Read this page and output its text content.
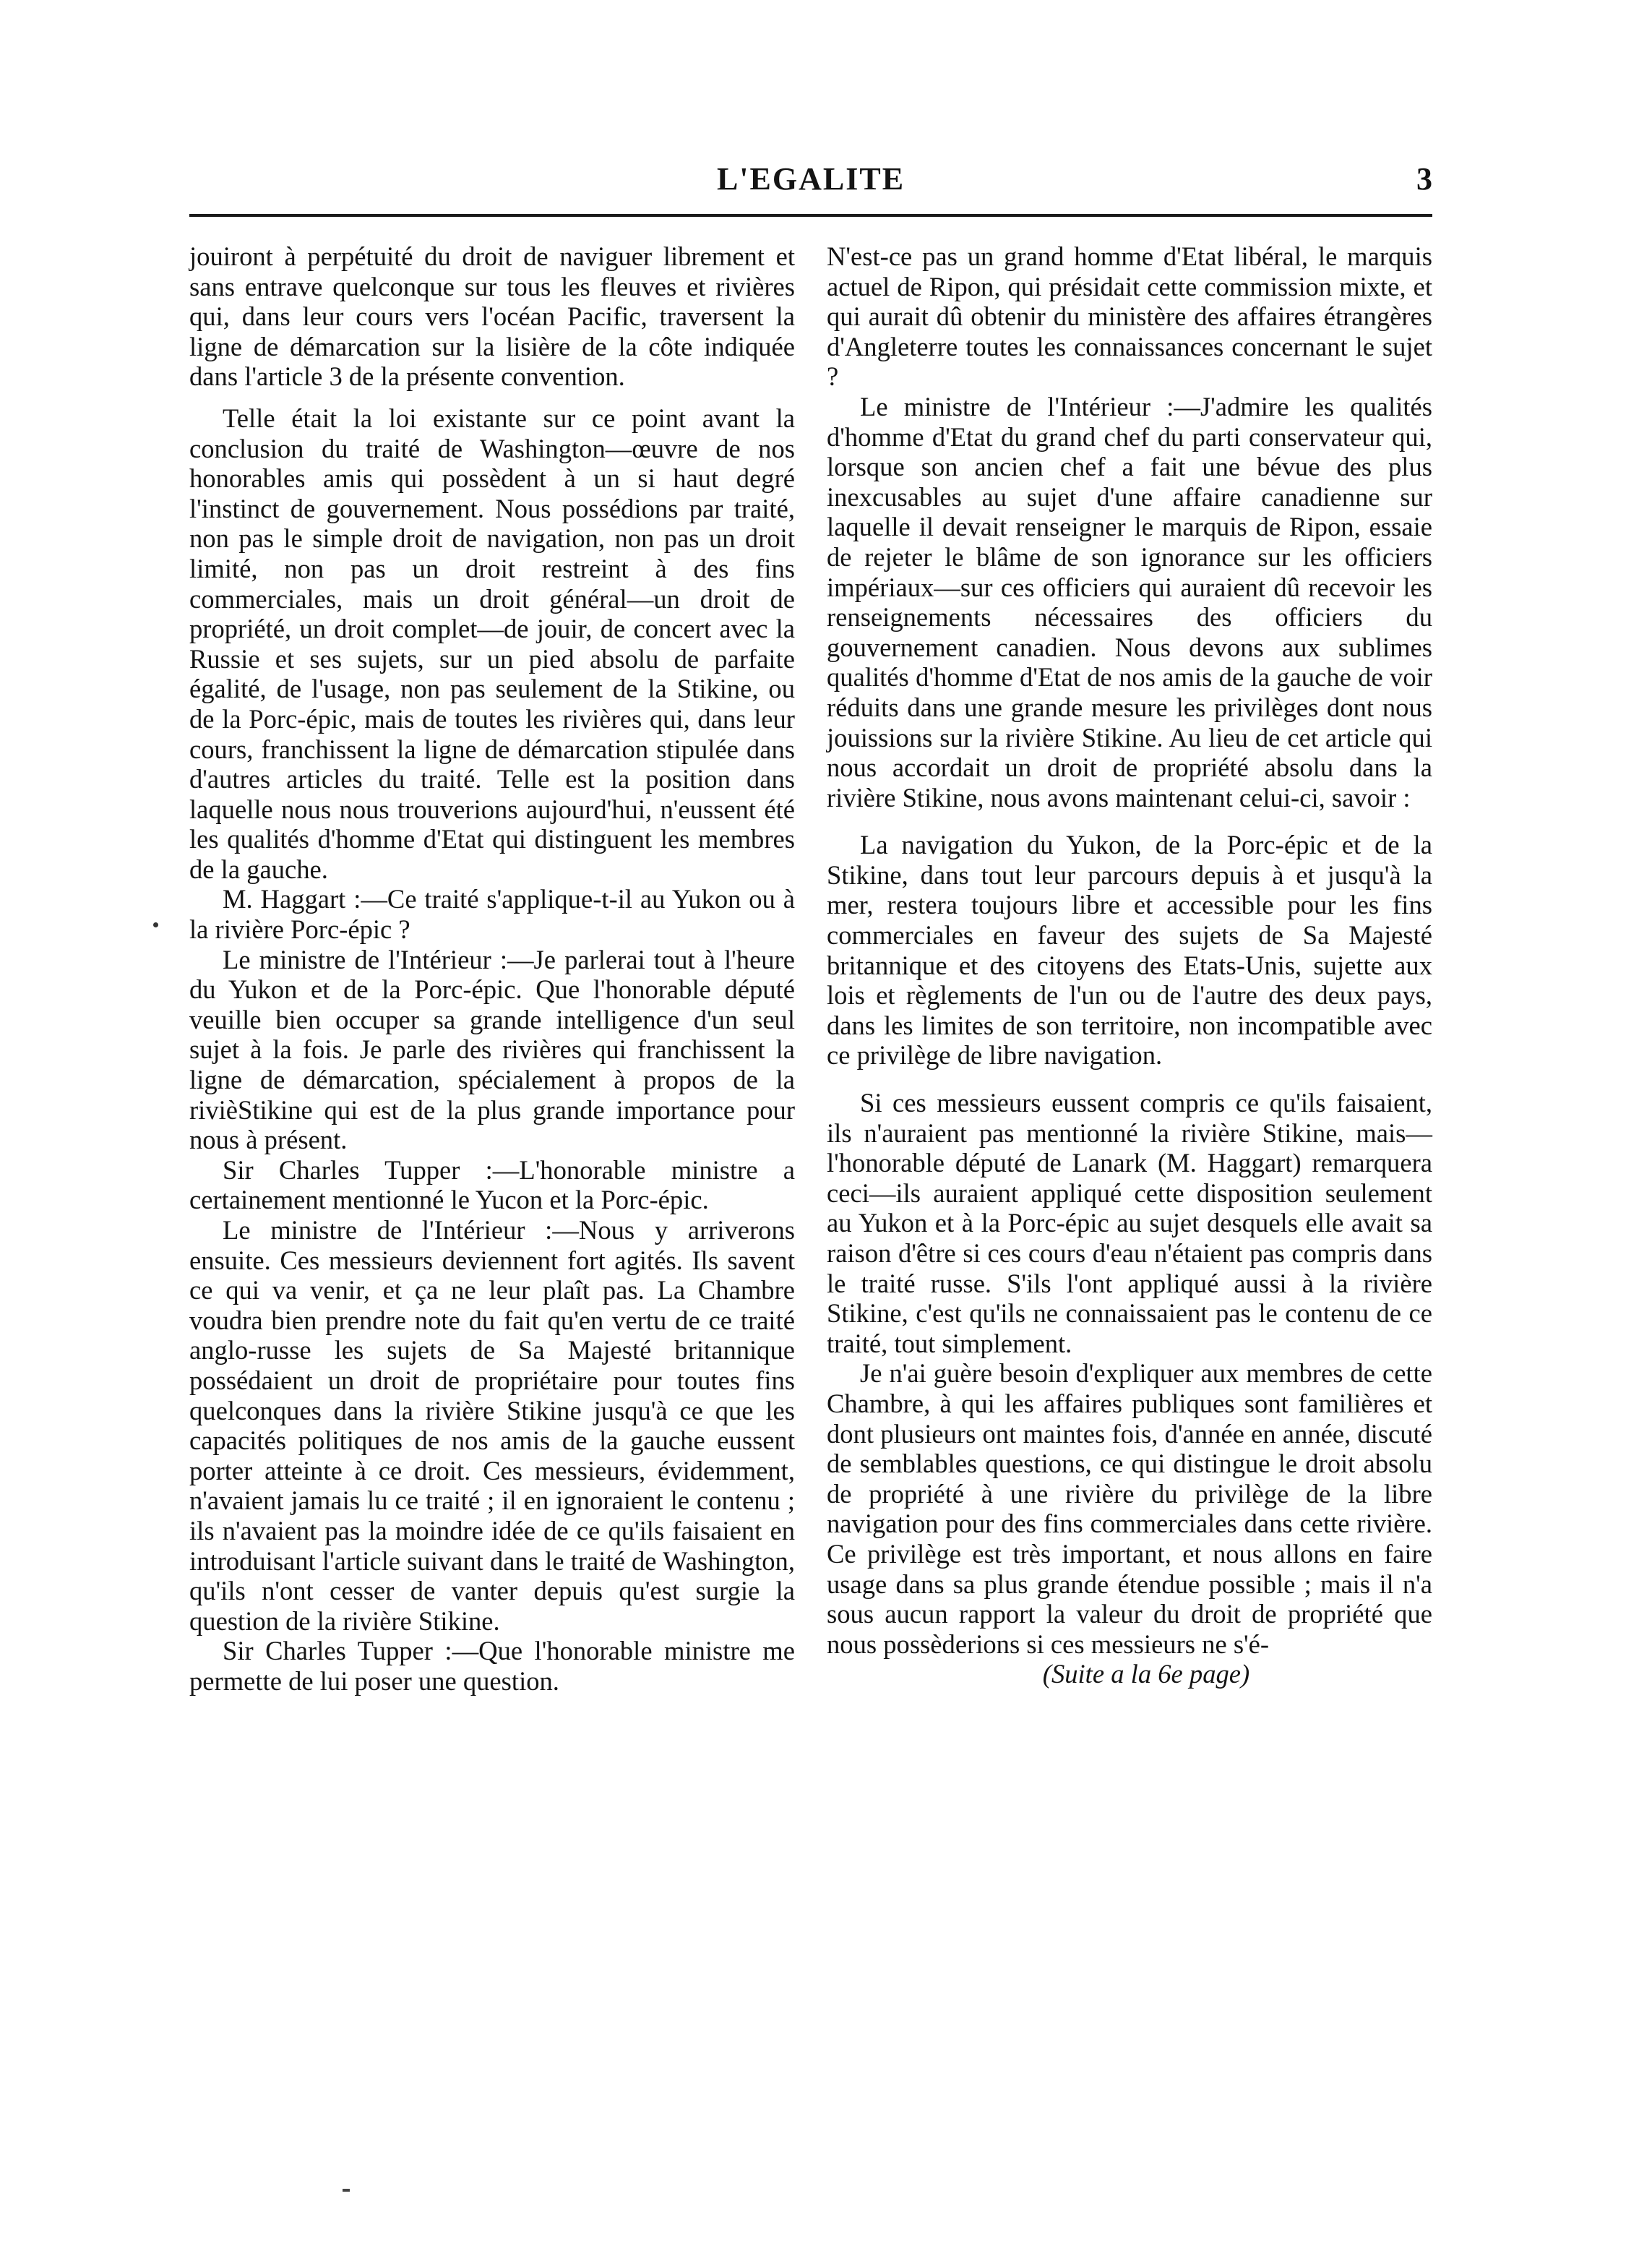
L'EGALITE	3

jouiront à perpétuité du droit de naviguer librement et sans entrave quelconque sur tous les fleuves et rivières qui, dans leur cours vers l'océan Pacific, traversent la ligne de démarcation sur la lisière de la côte indiquée dans l'article 3 de la présente convention.

Telle était la loi existante sur ce point avant la conclusion du traité de Washington—œuvre de nos honorables amis qui possèdent à un si haut degré l'instinct de gouvernement. Nous possédions par traité, non pas le simple droit de navigation, non pas un droit limité, non pas un droit restreint à des fins commerciales, mais un droit général—un droit de propriété, un droit complet—de jouir, de concert avec la Russie et ses sujets, sur un pied absolu de parfaite égalité, de l'usage, non pas seulement de la Stikine, ou de la Porc-épic, mais de toutes les rivières qui, dans leur cours, franchissent la ligne de démarcation stipulée dans d'autres articles du traité. Telle est la position dans laquelle nous nous trouverions aujourd'hui, n'eussent été les qualités d'homme d'Etat qui distinguent les membres de la gauche.

M. Haggart :—Ce traité s'applique-t-il au Yukon ou à la rivière Porc-épic ?

Le ministre de l'Intérieur :—Je parlerai tout à l'heure du Yukon et de la Porc-épic. Que l'honorable député veuille bien occuper sa grande intelligence d'un seul sujet à la fois. Je parle des rivières qui franchissent la ligne de démarcation, spécialement à propos de la rivièStikine qui est de la plus grande importance pour nous à présent.

Sir Charles Tupper :—L'honorable ministre a certainement mentionné le Yucon et la Porc-épic.

Le ministre de l'Intérieur :—Nous y arriverons ensuite. Ces messieurs deviennent fort agités. Ils savent ce qui va venir, et ça ne leur plaît pas. La Chambre voudra bien prendre note du fait qu'en vertu de ce traité anglo-russe les sujets de Sa Majesté britannique possédaient un droit de propriétaire pour toutes fins quelconques dans la rivière Stikine jusqu'à ce que les capacités politiques de nos amis de la gauche eussent porter atteinte à ce droit. Ces messieurs, évidemment, n'avaient jamais lu ce traité ; il en ignoraient le contenu ; ils n'avaient pas la moindre idée de ce qu'ils faisaient en introduisant l'article suivant dans le traité de Washington, qu'ils n'ont cesser de vanter depuis qu'est surgie la question de la rivière Stikine.

Sir Charles Tupper :—Que l'honorable ministre me permette de lui poser une question.

N'est-ce pas un grand homme d'Etat libéral, le marquis actuel de Ripon, qui présidait cette commission mixte, et qui aurait dû obtenir du ministère des affaires étrangères d'Angleterre toutes les connaissances concernant le sujet ?

Le ministre de l'Intérieur :—J'admire les qualités d'homme d'Etat du grand chef du parti conservateur qui, lorsque son ancien chef a fait une bévue des plus inexcusables au sujet d'une affaire canadienne sur laquelle il devait renseigner le marquis de Ripon, essaie de rejeter le blâme de son ignorance sur les officiers impériaux—sur ces officiers qui auraient dû recevoir les renseignements nécessaires des officiers du gouvernement canadien. Nous devons aux sublimes qualités d'homme d'Etat de nos amis de la gauche de voir réduits dans une grande mesure les privilèges dont nous jouissions sur la rivière Stikine. Au lieu de cet article qui nous accordait un droit de propriété absolu dans la rivière Stikine, nous avons maintenant celui-ci, savoir :

La navigation du Yukon, de la Porc-épic et de la Stikine, dans tout leur parcours depuis à et jusqu'à la mer, restera toujours libre et accessible pour les fins commerciales en faveur des sujets de Sa Majesté britannique et des citoyens des Etats-Unis, sujette aux lois et règlements de l'un ou de l'autre des deux pays, dans les limites de son territoire, non incompatible avec ce privilège de libre navigation.

Si ces messieurs eussent compris ce qu'ils faisaient, ils n'auraient pas mentionné la rivière Stikine, mais—l'honorable député de Lanark (M. Haggart) remarquera ceci—ils auraient appliqué cette disposition seulement au Yukon et à la Porc-épic au sujet desquels elle avait sa raison d'être si ces cours d'eau n'étaient pas compris dans le traité russe. S'ils l'ont appliqué aussi à la rivière Stikine, c'est qu'ils ne connaissaient pas le contenu de ce traité, tout simplement.

Je n'ai guère besoin d'expliquer aux membres de cette Chambre, à qui les affaires publiques sont familières et dont plusieurs ont maintes fois, d'année en année, discuté de semblables questions, ce qui distingue le droit absolu de propriété à une rivière du privilège de la libre navigation pour des fins commerciales dans cette rivière. Ce privilège est très important, et nous allons en faire usage dans sa plus grande étendue possible ; mais il n'a sous aucun rapport la valeur du droit de propriété que nous possèderions si ces messieurs ne s'é-

(Suite a la 6e page)
